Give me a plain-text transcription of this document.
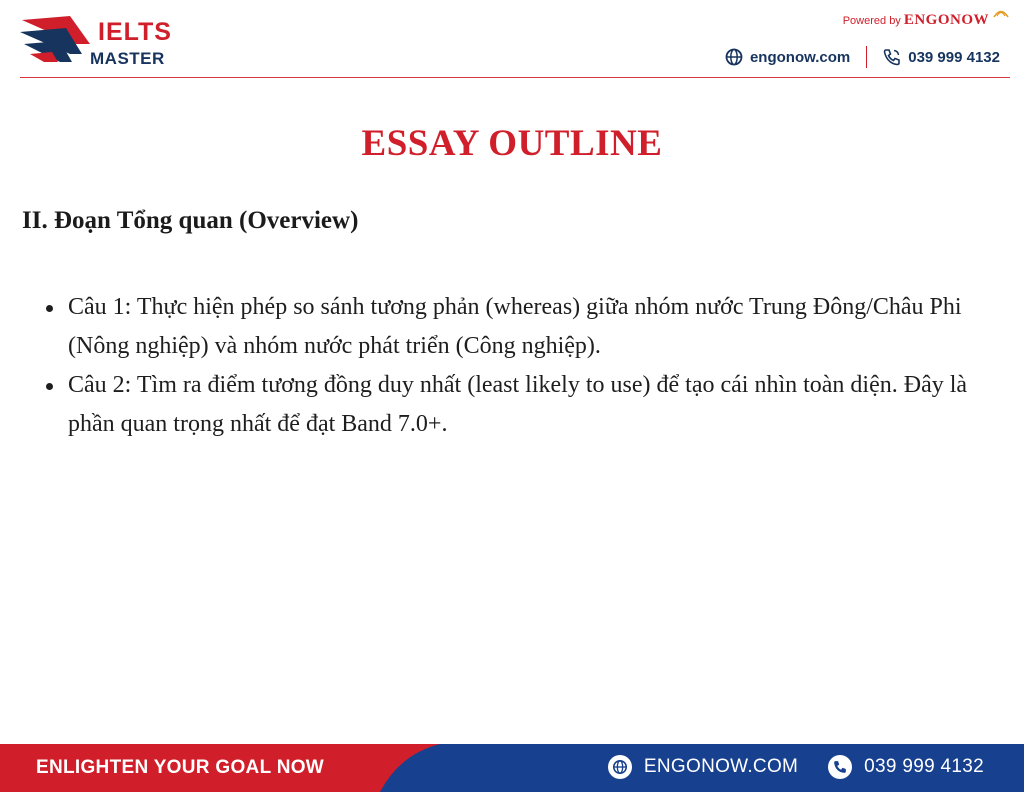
IELTS
MASTER
Powered by ENGONOW
engonow.com	039 999 4132
ESSAY OUTLINE
II. Đoạn Tổng quan (Overview)
Câu 1: Thực hiện phép so sánh tương phản (whereas) giữa nhóm nước Trung Đông/Châu Phi (Nông nghiệp) và nhóm nước phát triển (Công nghiệp).
Câu 2: Tìm ra điểm tương đồng duy nhất (least likely to use) để tạo cái nhìn toàn diện. Đây là phần quan trọng nhất để đạt Band 7.0+.
ENLIGHTEN YOUR GOAL NOW	ENGONOW.COM	039 999 4132
